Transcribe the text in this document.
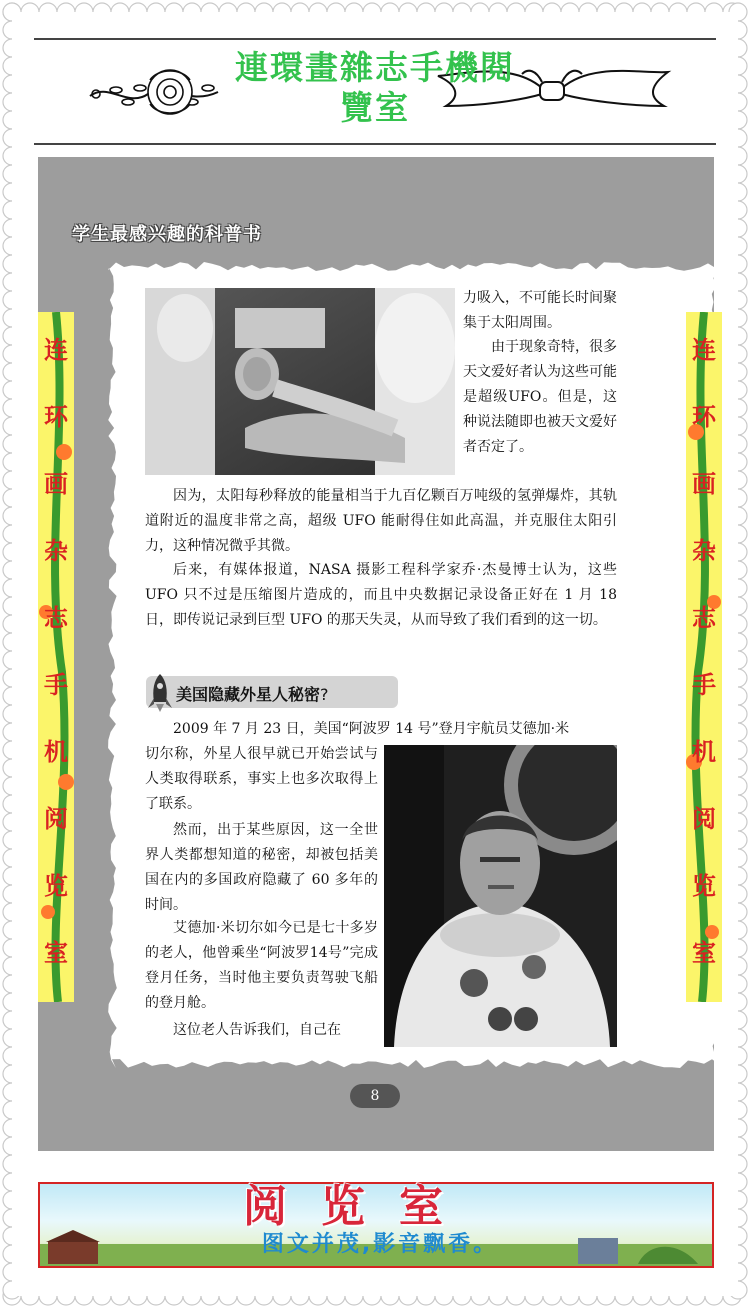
連環畫雜志手機閱
覽室
学生最感兴趣的科普书
力吸入，不可能长时间聚集于太阳周围。
由于现象奇特，很多天文爱好者认为这些可能是超级UFO。但是，这种说法随即也被天文爱好者否定了。
因为，太阳每秒释放的能量相当于九百亿颗百万吨级的氢弹爆炸，其轨道附近的温度非常之高，超级 UFO 能耐得住如此高温，并克服住太阳引力，这种情况微乎其微。
后来，有媒体报道，NASA 摄影工程科学家乔·杰曼博士认为，这些 UFO 只不过是压缩图片造成的，而且中央数据记录设备正好在 1 月 18 日，即传说记录到巨型 UFO 的那天失灵，从而导致了我们看到的这一切。
美国隐藏外星人秘密?
2009 年 7 月 23 日，美国“阿波罗 14 号”登月宇航员艾德加·米
切尔称，外星人很早就已开始尝试与人类取得联系，事实上也多次取得上了联系。
然而，出于某些原因，这一全世界人类都想知道的秘密，却被包括美国在内的多国政府隐藏了 60 多年的时间。
艾德加·米切尔如今已是七十多岁的老人，他曾乘坐“阿波罗14号”完成登月任务，当时他主要负责驾驶飞船的登月舱。
这位老人告诉我们，自己在
8
连
环
画
杂
志
手
机
阅
览
室
连
环
画
杂
志
手
机
阅
览
室
阅览室
图文并茂,影音飘香。
